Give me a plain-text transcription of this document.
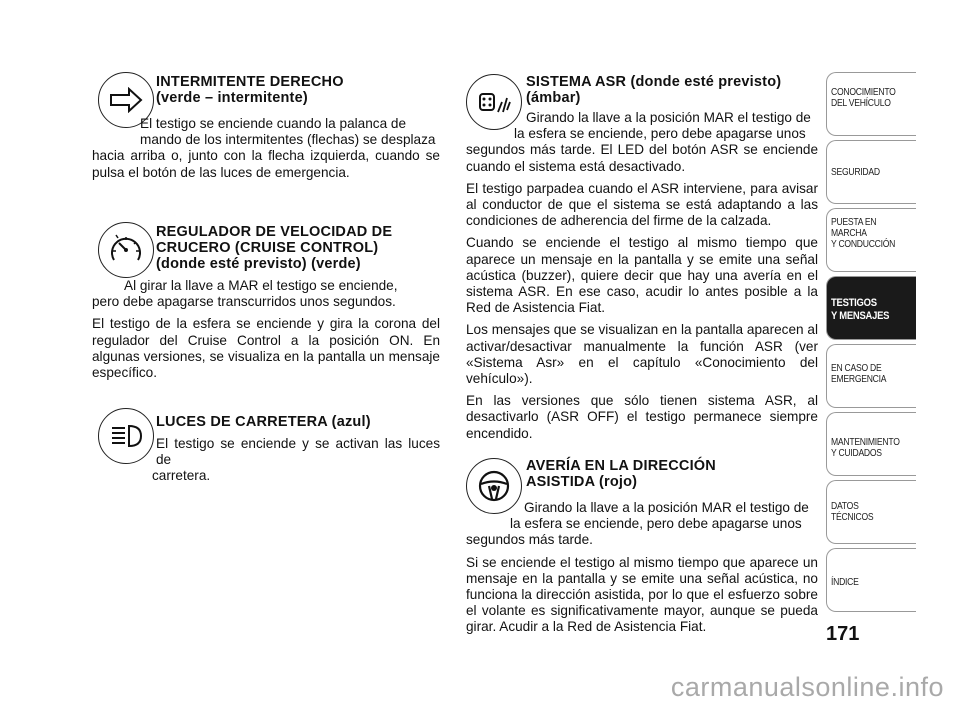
INTERMITENTE DERECHO

(verde – intermitente)

El testigo se enciende cuando la palanca de

mando de los intermitentes (flechas) se desplaza

hacia arriba o, junto con la flecha izquierda, cuando se pulsa el botón de las luces de emergencia.

REGULADOR DE VELOCIDAD DE

CRUCERO (CRUISE CONTROL)

(donde esté previsto) (verde)

Al girar la llave a MAR el testigo se enciende,

pero debe apagarse transcurridos unos segundos.

El testigo de la esfera se enciende y gira la corona del regulador del Cruise Control a la posición ON. En algunas versiones, se visualiza en la pantalla un mensaje específico.

LUCES DE CARRETERA (azul)

El testigo se enciende y se activan las luces de

carretera.

SISTEMA ASR (donde esté previsto)

(ámbar)

Girando la llave a la posición MAR el testigo de

la esfera se enciende, pero debe apagarse unos

segundos más tarde. El LED del botón ASR se enciende cuando el sistema está desactivado.

El testigo parpadea cuando el ASR interviene, para avisar al conductor de que el sistema se está adaptando a las condiciones de adherencia del firme de la calzada.

Cuando se enciende el testigo al mismo tiempo que aparece un mensaje en la pantalla y se emite una señal acústica (buzzer), quiere decir que hay una avería en el sistema ASR. En ese caso, acudir lo antes posible a la Red de Asistencia Fiat.

Los mensajes que se visualizan en la pantalla aparecen al activar/desactivar manualmente la función ASR (ver «Sistema Asr» en el capítulo «Conocimiento del vehículo»).

En las versiones que sólo tienen sistema ASR, al desactivarlo (ASR OFF) el testigo permanece siempre encendido.

AVERÍA EN LA DIRECCIÓN

ASISTIDA (rojo)

Girando la llave a la posición MAR el testigo de

la esfera se enciende, pero debe apagarse unos

segundos más tarde.

Si se enciende el testigo al mismo tiempo que aparece un mensaje en la pantalla y se emite una señal acústica, no funciona la dirección asistida, por lo que el esfuerzo sobre el volante es significativamente mayor, aunque se pueda girar. Acudir a la Red de Asistencia Fiat.

CONOCIMIENTO
DEL VEHÍCULO
SEGURIDAD
PUESTA EN
MARCHA
Y CONDUCCIÓN
TESTIGOS
Y MENSAJES
EN CASO DE
EMERGENCIA
MANTENIMIENTO
Y CUIDADOS
DATOS
TÉCNICOS
ÍNDICE
171
carmanualsonline.info
